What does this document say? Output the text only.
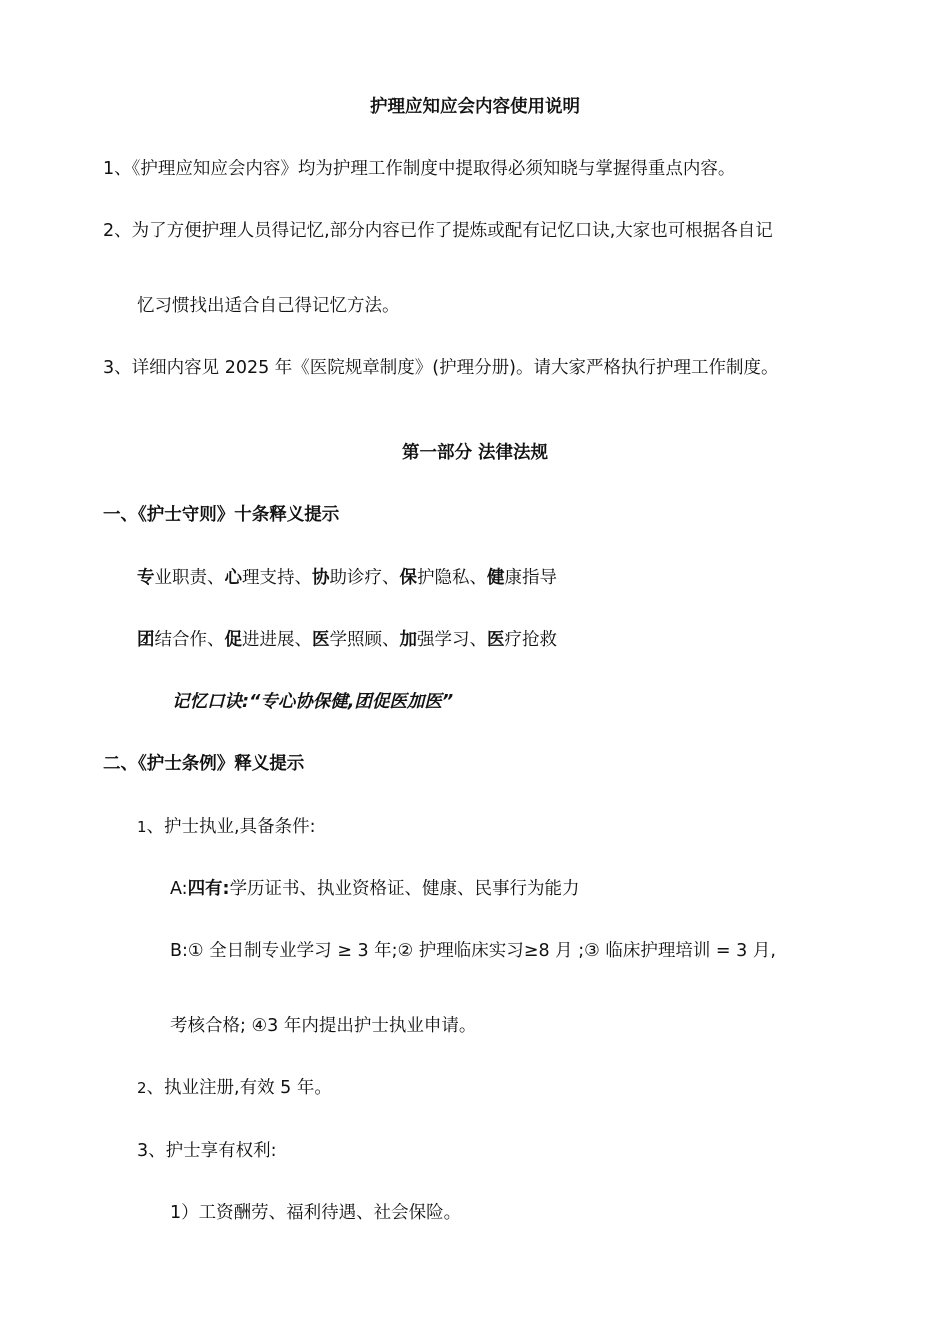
护理应知应会内容使用说明
1、《护理应知应会内容》均为护理工作制度中提取得必须知晓与掌握得重点内容。
2、为了方便护理人员得记忆,部分内容已作了提炼或配有记忆口诀,大家也可根据各自记
忆习惯找出适合自己得记忆方法。
3、详细内容见 2025 年《医院规章制度》(护理分册)。请大家严格执行护理工作制度。
第一部分 法律法规
一、《护士守则》十条释义提示
专业职责、心理支持、协助诊疗、保护隐私、健康指导
团结合作、促进进展、医学照顾、加强学习、医疗抢救
记忆口诀:“专心协保健,团促医加医”
二、《护士条例》释义提示
1、护士执业,具备条件:
A:四有:学历证书、执业资格证、健康、民事行为能力
B:① 全日制专业学习 ≥ 3 年;② 护理临床实习≥8 月 ;③ 临床护理培训 = 3 月,
考核合格; ④3 年内提出护士执业申请。
2、执业注册,有效 5 年。
3、护士享有权利:
1）工资酬劳、福利待遇、社会保险。
